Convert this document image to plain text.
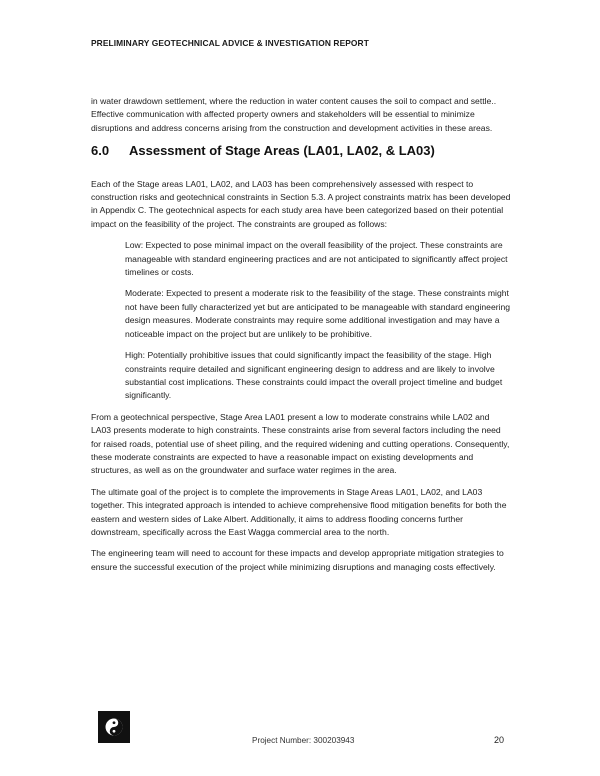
PRELIMINARY GEOTECHNICAL ADVICE & INVESTIGATION REPORT

in water drawdown settlement, where the reduction in water content causes the soil to compact and settle.. Effective communication with affected property owners and stakeholders will be essential to minimize disruptions and address concerns arising from the construction and development activities in these areas.

6.0	Assessment of Stage Areas (LA01, LA02, & LA03)

Each of the Stage areas LA01, LA02, and LA03 has been comprehensively assessed with respect to construction risks and geotechnical constraints in Section 5.3. A project constraints matrix has been developed in Appendix C. The geotechnical aspects for each study area have been categorized based on their potential impact on the feasibility of the project. The constraints are grouped as follows:

Low: Expected to pose minimal impact on the overall feasibility of the project. These constraints are manageable with standard engineering practices and are not anticipated to significantly affect project timelines or costs.

Moderate: Expected to present a moderate risk to the feasibility of the stage. These constraints might not have been fully characterized yet but are anticipated to be manageable with standard engineering design measures. Moderate constraints may require some additional investigation and may have a noticeable impact on the project but are unlikely to be prohibitive.

High: Potentially prohibitive issues that could significantly impact the feasibility of the stage. High constraints require detailed and significant engineering design to address and are likely to involve substantial cost implications. These constraints could impact the overall project timeline and budget significantly.

From a geotechnical perspective, Stage Area LA01 present a low to moderate constrains while LA02 and LA03 presents moderate to high constraints. These constraints arise from several factors including the need for raised roads, potential use of sheet piling, and the required widening and cutting operations. Consequently, these moderate constraints are expected to have a reasonable impact on existing developments and structures, as well as on the groundwater and surface water regimes in the area.

The ultimate goal of the project is to complete the improvements in Stage Areas LA01, LA02, and LA03 together. This integrated approach is intended to achieve comprehensive flood mitigation benefits for both the eastern and western sides of Lake Albert. Additionally, it aims to address flooding concerns further downstream, specifically across the East Wagga commercial area to the north.

The engineering team will need to account for these impacts and develop appropriate mitigation strategies to ensure the successful execution of the project while minimizing disruptions and managing costs effectively.

Project Number: 300203943	20
